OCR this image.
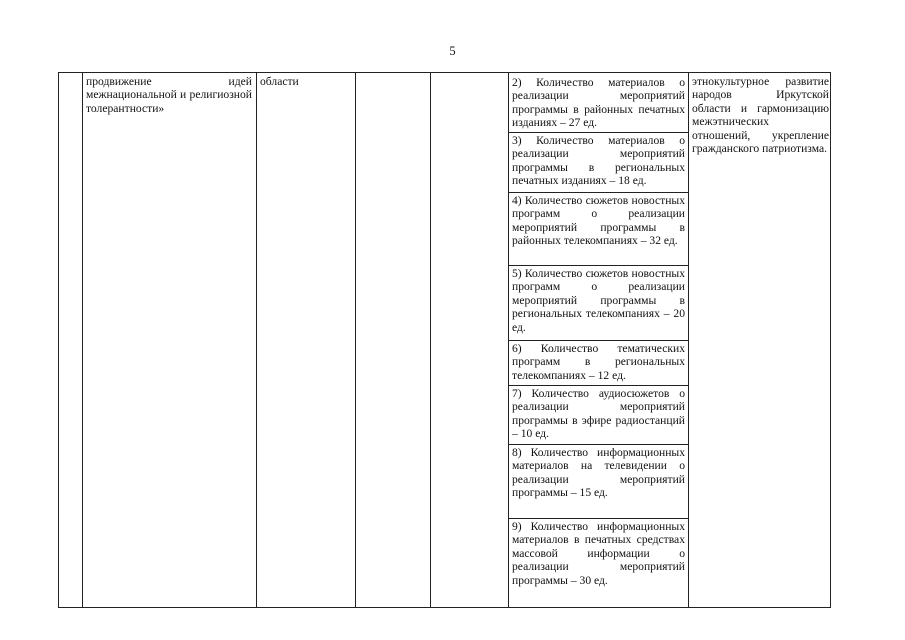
5
продвижение идей межнациональной и религиозной толерантности»
области	2) Количество материалов о реализации мероприятий программы в районных печатных изданиях – 27 ед.
3) Количество материалов о реализации мероприятий программы в региональных печатных изданиях – 18 ед.
4) Количество сюжетов новостных программ о реализации мероприятий программы в районных телекомпаниях – 32 ед.
5) Количество сюжетов новостных программ о реализации мероприятий программы в региональных телекомпаниях – 20 ед.
6) Количество тематических программ в региональных телекомпаниях – 12 ед.
7) Количество аудиосюжетов о реализации мероприятий программы в эфире радиостанций – 10 ед.
8) Количество информационных материалов на телевидении о реализации мероприятий программы – 15 ед.
9) Количество информационных материалов в печатных средствах массовой информации о реализации мероприятий программы – 30 ед.
этнокультурное развитие народов Иркутской области и гармонизацию межэтнических отношений, укрепление гражданского патриотизма.
